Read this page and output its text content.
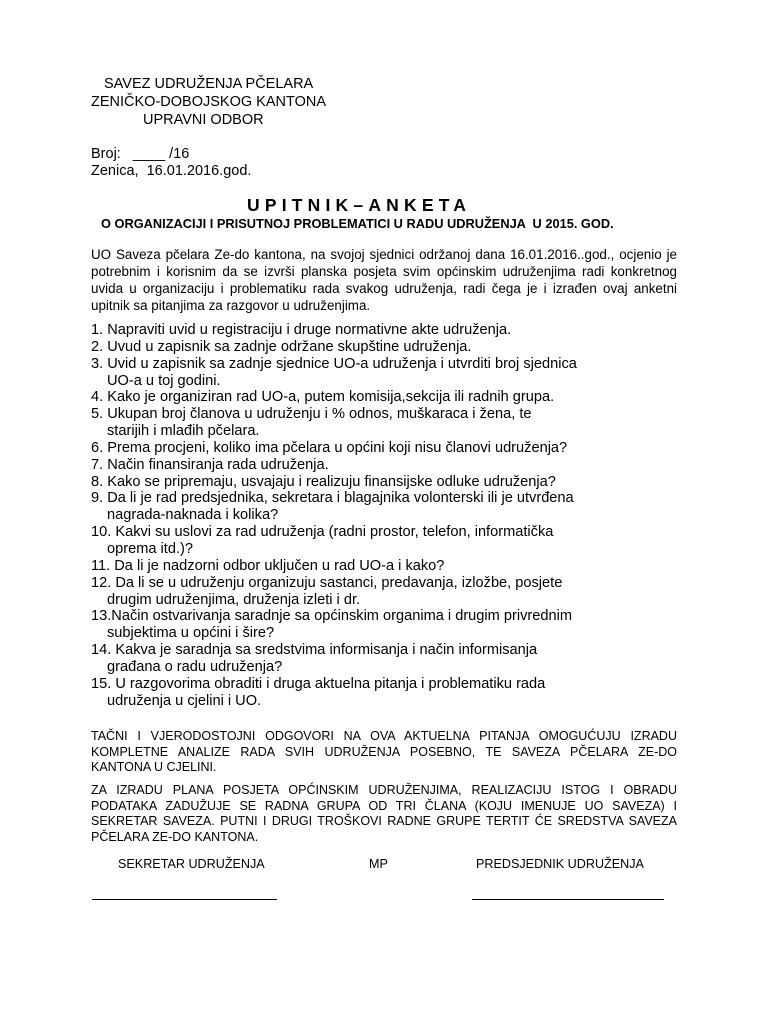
SAVEZ UDRUŽENJA PČELARA
ZENIČKO-DOBOJSKOG KANTONA
UPRAVNI ODBOR
Broj:   ____ /16
Zenica,  16.01.2016.god.
UPITNIK–ANKETA
O ORGANIZACIJI I PRISUTNOJ PROBLEMATICI U RADU UDRUŽENJA  U 2015. GOD.
UO Saveza pčelara Ze-do kantona, na svojoj sjednici održanoj dana 16.01.2016..god., ocjenio je potrebnim i korisnim da se izvrši planska posjeta svim općinskim udruženjima radi konkretnog uvida u organizaciju i problematiku rada svakog udruženja, radi čega je i izrađen ovaj anketni upitnik sa pitanjima za razgovor u udruženjima.
1. Napraviti uvid u registraciju i druge normativne akte udruženja.
2. Uvud u zapisnik sa zadnje održane skupštine udruženja.
3. Uvid u zapisnik sa zadnje sjednice UO-a udruženja i utvrditi broj sjednica
UO-a u toj godini.
4. Kako je organiziran rad UO-a, putem komisija,sekcija ili radnih grupa.
5. Ukupan broj članova u udruženju i % odnos, muškaraca i žena, te
starijih i mlađih pčelara.
6. Prema procjeni, koliko ima pčelara u općini koji nisu članovi udruženja?
7. Način finansiranja rada udruženja.
8. Kako se pripremaju, usvajaju i realizuju finansijske odluke udruženja?
9. Da li je rad predsjednika, sekretara i blagajnika volonterski ili je utvrđena
nagrada-naknada i kolika?
10. Kakvi su uslovi za rad udruženja (radni prostor, telefon, informatička
oprema itd.)?
11. Da li je nadzorni odbor uključen u rad UO-a i kako?
12. Da li se u udruženju organizuju sastanci, predavanja, izložbe, posjete
drugim udruženjima, druženja izleti i dr.
13.Način ostvarivanja saradnje sa općinskim organima i drugim privrednim
subjektima u općini i šire?
14. Kakva je saradnja sa sredstvima informisanja i način informisanja
građana o radu udruženja?
15. U razgovorima obraditi i druga aktuelna pitanja i problematiku rada
udruženja u cjelini i UO.
TAČNI I VJERODOSTOJNI ODGOVORI NA OVA AKTUELNA PITANJA OMOGUĆUJU IZRADU KOMPLETNE ANALIZE RADA SVIH UDRUŽENJA POSEBNO, TE SAVEZA PČELARA ZE-DO KANTONA U CJELINI.
ZA IZRADU PLANA POSJETA OPĆINSKIM UDRUŽENJIMA, REALIZACIJU ISTOG I OBRADU PODATAKA ZADUŽUJE SE RADNA GRUPA OD TRI ČLANA (KOJU IMENUJE UO SAVEZA) I SEKRETAR SAVEZA. PUTNI I DRUGI TROŠKOVI RADNE GRUPE TERTIT ĆE SREDSTVA SAVEZA PČELARA ZE-DO KANTONA.
SEKRETAR UDRUŽENJA	MP	PREDSJEDNIK UDRUŽENJA
